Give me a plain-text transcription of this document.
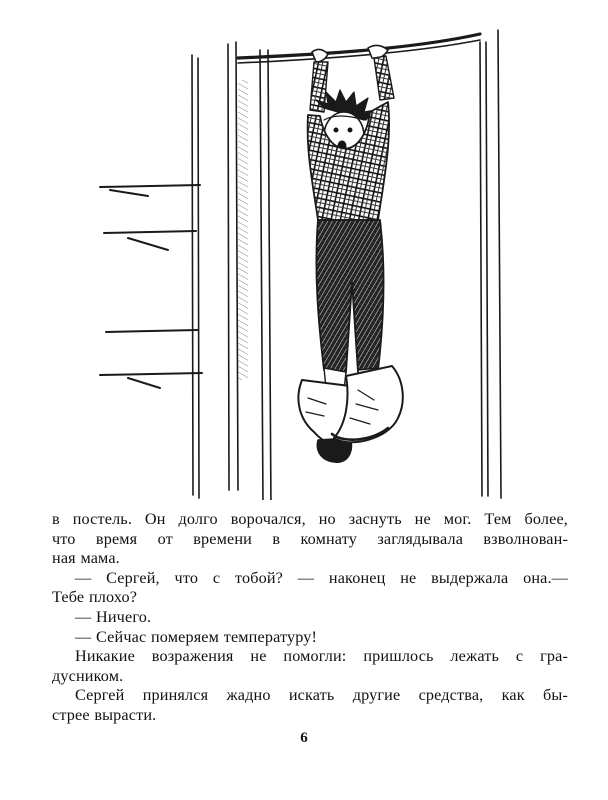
в постель. Он долго ворочался, но заснуть не мог. Тем более,
что время от времени в комнату заглядывала взволнован-
ная мама.
— Сергей, что с тобой? — наконец не выдержала она.—
Тебе плохо?
— Ничего.
— Сейчас померяем температуру!
Никакие возражения не помогли: пришлось лежать с гра-
дусником.
Сергей принялся жадно искать другие средства, как бы-
стрее вырасти.
6
